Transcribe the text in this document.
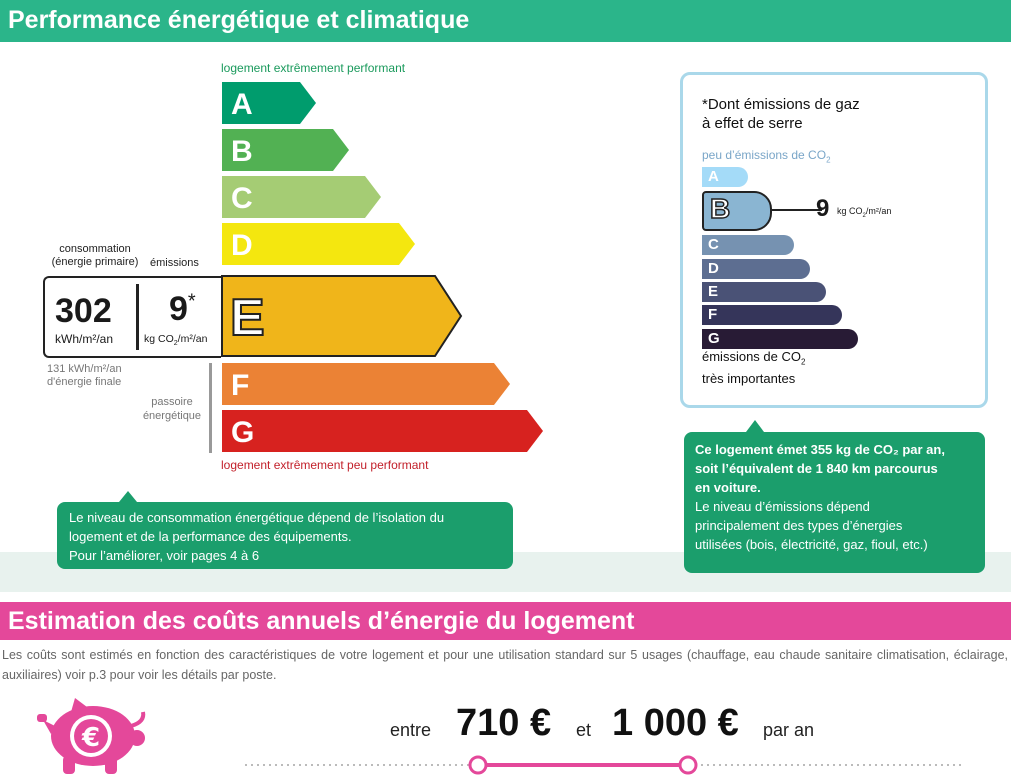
Performance énergétique et climatique
logement extrêmement performant
A
B
C
D
E
F
G
consommation
(énergie primaire)	émissions
302
kWh/m²/an
9*
kg $CO_2/m^2/an$
131 kWh/m²/an
d'énergie finale
passoire
énergétique
logement extrêmement peu performant
Le niveau de consommation énergétique dépend de l’isolation du
logement et de la performance des équipements.
Pour l’améliorer, voir pages 4 à 6
*Dont émissions de gaz
à effet de serre
peu d’émissions de $CO_2$
A
B
C
D
E
F
G
9 kg $CO_2/m^2/an$
émissions de $CO_2$
très importantes
Ce logement émet 355 kg de CO₂ par an,
soit l’équivalent de 1 840 km parcourus
en voiture.
Le niveau d’émissions dépend
principalement des types d’énergies
utilisées (bois, électricité, gaz, fioul, etc.)
Estimation des coûts annuels d’énergie du logement
Les coûts sont estimés en fonction des caractéristiques de votre logement et pour une utilisation standard sur 5 usages (chauffage, eau chaude sanitaire climatisation, éclairage, auxiliaires) voir p.3 pour voir les détails par poste.
€	entre 710 € et 1 000 € par an
